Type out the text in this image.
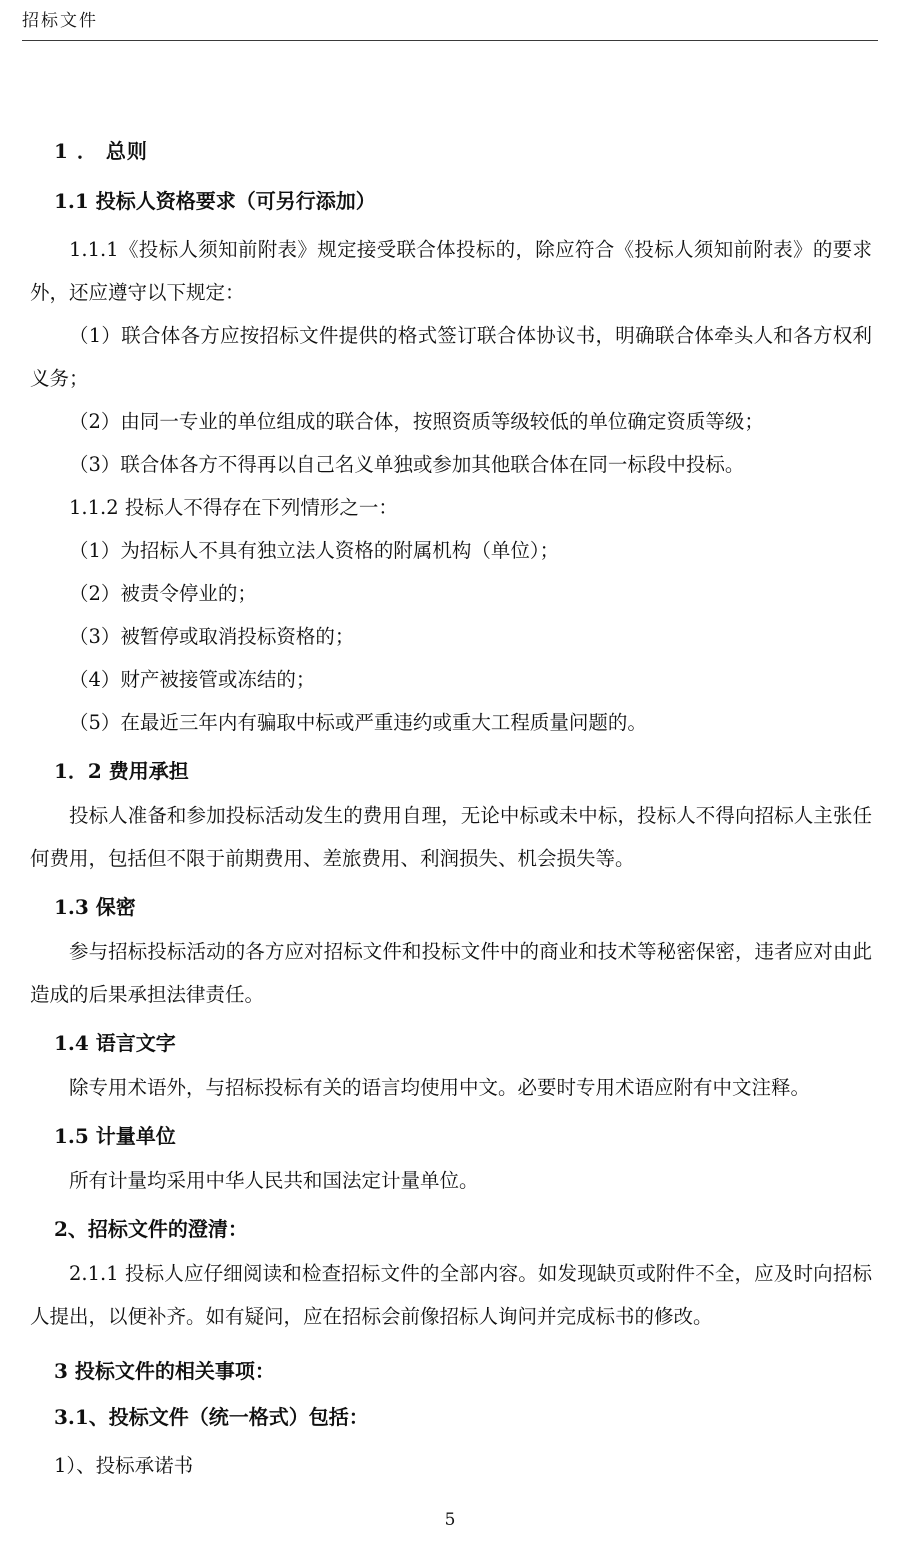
招标文件

1 ． 总则

1.1 投标人资格要求（可另行添加）

1.1.1《投标人须知前附表》规定接受联合体投标的，除应符合《投标人须知前附表》的要求外，还应遵守以下规定：

（1）联合体各方应按招标文件提供的格式签订联合体协议书，明确联合体牵头人和各方权利义务；

（2）由同一专业的单位组成的联合体，按照资质等级较低的单位确定资质等级；

（3）联合体各方不得再以自己名义单独或参加其他联合体在同一标段中投标。

1.1.2 投标人不得存在下列情形之一：

（1）为招标人不具有独立法人资格的附属机构（单位）；

（2）被责令停业的；

（3）被暂停或取消投标资格的；

（4）财产被接管或冻结的；

（5）在最近三年内有骗取中标或严重违约或重大工程质量问题的。

1．2 费用承担

投标人准备和参加投标活动发生的费用自理，无论中标或未中标，投标人不得向招标人主张任何费用，包括但不限于前期费用、差旅费用、利润损失、机会损失等。

1.3 保密

参与招标投标活动的各方应对招标文件和投标文件中的商业和技术等秘密保密，违者应对由此造成的后果承担法律责任。

1.4 语言文字

除专用术语外，与招标投标有关的语言均使用中文。必要时专用术语应附有中文注释。

1.5 计量单位

所有计量均采用中华人民共和国法定计量单位。

2、招标文件的澄清：

2.1.1 投标人应仔细阅读和检查招标文件的全部内容。如发现缺页或附件不全，应及时向招标人提出，以便补齐。如有疑问，应在招标会前像招标人询问并完成标书的修改。

3 投标文件的相关事项：

3.1、投标文件（统一格式）包括：

1）、投标承诺书

5
